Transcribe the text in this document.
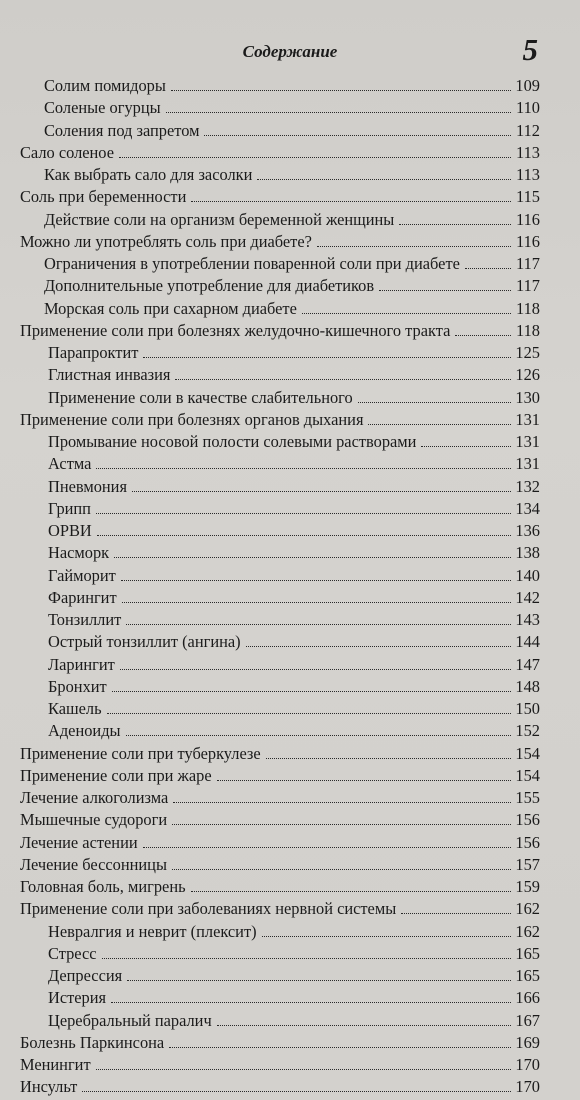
Содержание	5
Солим помидоры	109
Соленые огурцы	110
Соления под запретом	112
Сало соленое	113
Как выбрать сало для засолки	113
Соль при беременности	115
Действие соли на организм беременной женщины	116
Можно ли употреблять соль при диабете?	116
Ограничения в употреблении поваренной соли при диабете	117
Дополнительные употребление для диабетиков	117
Морская соль при сахарном диабете	118
Применение соли при болезнях желудочно-кишечного тракта	118
Парапроктит	125
Глистная инвазия	126
Применение соли в качестве слабительного	130
Применение соли при болезнях органов дыхания	131
Промывание носовой полости солевыми растворами	131
Астма	131
Пневмония	132
Грипп	134
ОРВИ	136
Насморк	138
Гайморит	140
Фарингит	142
Тонзиллит	143
Острый тонзиллит (ангина)	144
Ларингит	147
Бронхит	148
Кашель	150
Аденоиды	152
Применение соли при туберкулезе	154
Применение соли при жаре	154
Лечение алкоголизма	155
Мышечные судороги	156
Лечение астении	156
Лечение бессонницы	157
Головная боль, мигрень	159
Применение соли при заболеваниях нервной системы	162
Невралгия и неврит (плексит)	162
Стресс	165
Депрессия	165
Истерия	166
Церебральный паралич	167
Болезнь Паркинсона	169
Менингит	170
Инсульт	170
